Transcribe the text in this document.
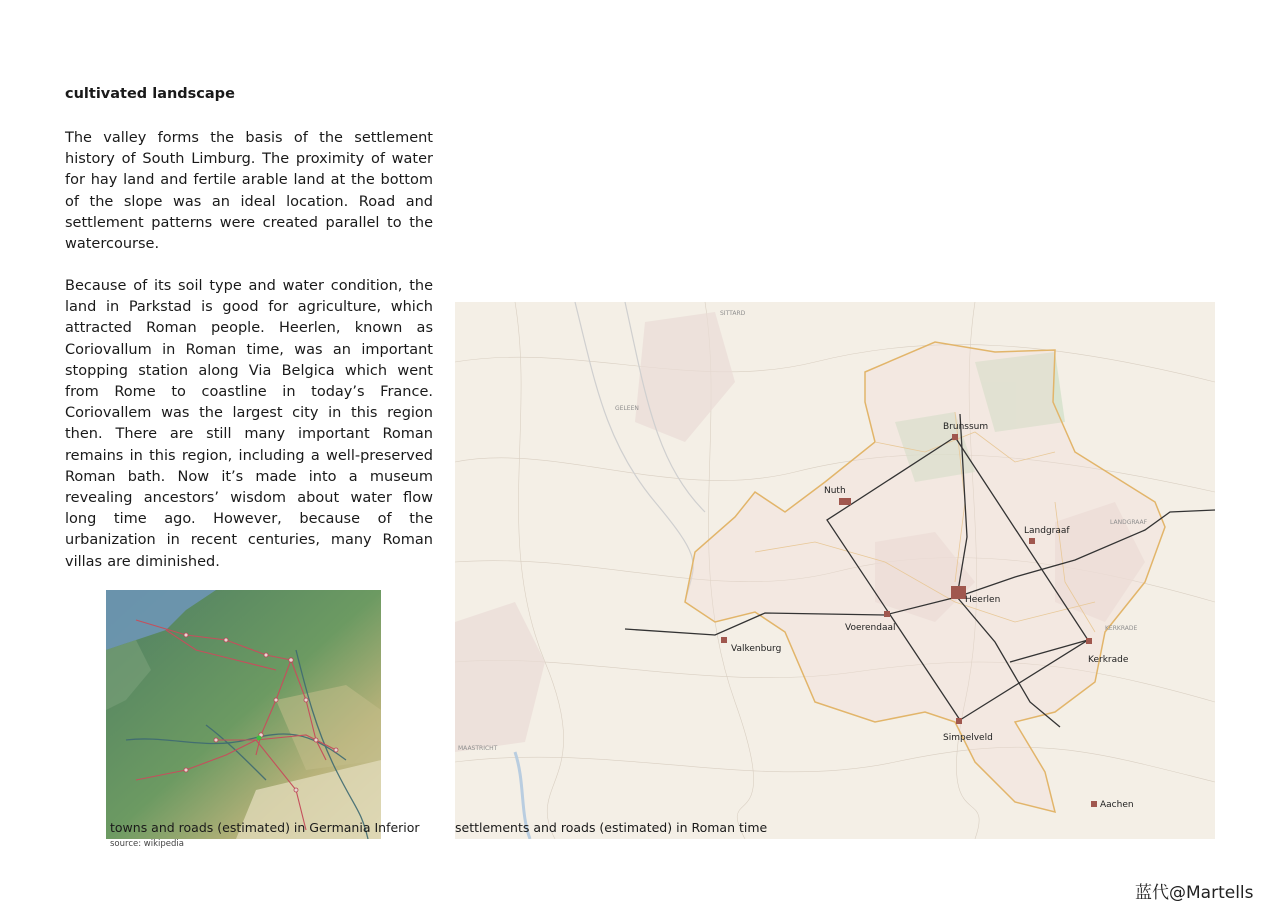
cultivated landscape

The valley forms the basis of the settlement history of South Limburg. The proximity of water for hay land and fertile arable land at the bottom of the slope was an ideal location. Road and settlement patterns were created parallel to the watercourse.

Because of its soil type and water condition, the land in Parkstad is good for agriculture, which attracted Roman people. Heerlen, known as Coriovallum in Roman time, was an important stopping station along Via Belgica which went from Rome to coastline in today’s France. Coriovallem was the largest city in this region then. There are still many important Roman remains in this region, including a well-preserved Roman bath. Now it’s made into a museum revealing ancestors’ wisdom about water flow long time ago. However, because of the urbanization in recent centuries, many Roman villas are diminished.

towns and roads (estimated) in Germania Inferior
source: wikipedia
MAASTRICHT
GELEEN
SITTARD
LANDGRAAF
KERKRADE
Brunssum
Nuth
Landgraaf
Heerlen
Voerendaal
Valkenburg
Kerkrade
Simpelveld
Aachen
settlements and roads (estimated) in Roman time
蓝代@Martells
